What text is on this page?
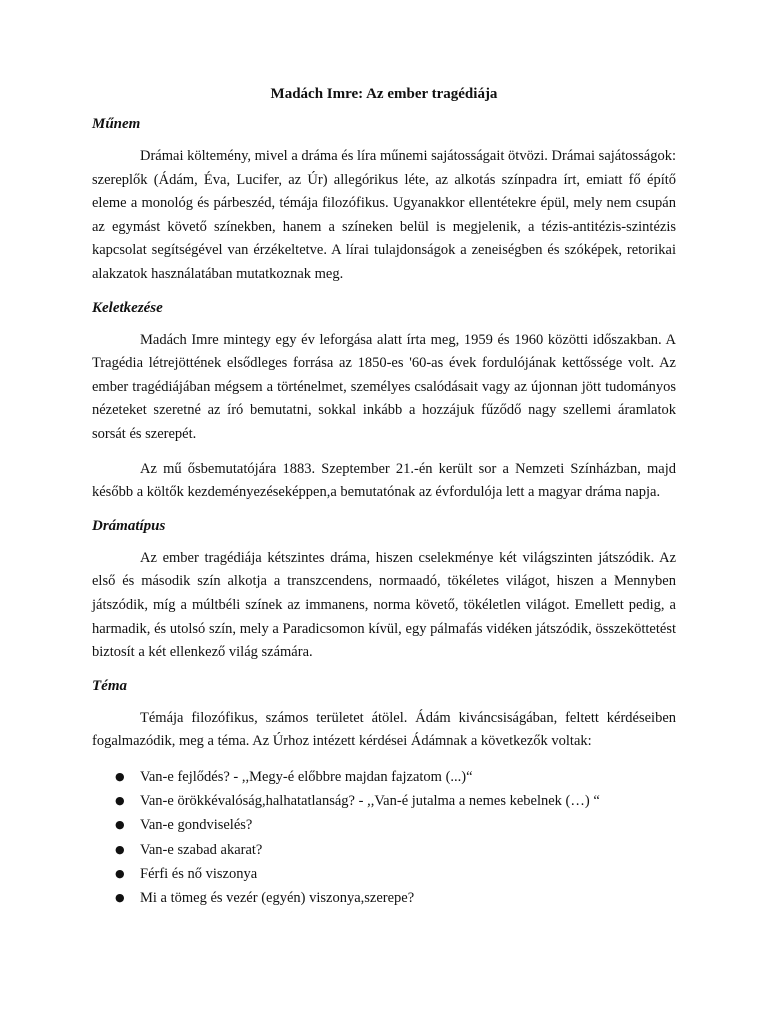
Madách Imre: Az ember tragédiája
Műnem

Drámai költemény, mivel a dráma és líra műnemi sajátosságait ötvözi. Drámai sajátosságok: szereplők (Ádám, Éva, Lucifer, az Úr) allegórikus léte, az alkotás színpadra írt, emiatt fő építő eleme a monológ és párbeszéd, témája filozófikus. Ugyanakkor ellentétekre épül, mely nem csupán az egymást követő színekben, hanem a színeken belül is megjelenik, a tézis-antitézis-szintézis kapcsolat segítségével van érzékeltetve. A lírai tulajdonságok a zeneiségben és szóképek, retorikai alakzatok használatában mutatkoznak meg.

Keletkezése

Madách Imre mintegy egy év leforgása alatt írta meg, 1959 és 1960 közötti időszakban. A Tragédia létrejöttének elsődleges forrása az 1850-es '60-as évek fordulójának kettőssége volt. Az ember tragédiájában mégsem a történelmet, személyes csalódásait vagy az újonnan jött tudományos nézeteket szeretné az író bemutatni, sokkal inkább a hozzájuk fűződő nagy szellemi áramlatok sorsát és szerepét.

Az mű ősbemutatójára 1883. Szeptember 21.-én került sor a Nemzeti Színházban, majd később a költők kezdeményezéseképpen,a bemutatónak az évfordulója lett a magyar dráma napja.

Drámatípus

Az ember tragédiája kétszintes dráma, hiszen cselekménye két világszinten játszódik. Az első és második szín alkotja a transzcendens, normaadó, tökéletes világot, hiszen a Mennyben játszódik, míg a múltbéli színek az immanens, norma követő, tökéletlen világot. Emellett pedig, a harmadik, és utolsó szín, mely a Paradicsomon kívül, egy pálmafás vidéken játszódik, összeköttetést biztosít a két ellenkező világ számára.

Téma

Témája filozófikus, számos területet átölel. Ádám kiváncsiságában, feltett kérdéseiben fogalmazódik, meg a téma. Az Úrhoz intézett kérdései Ádámnak a következők voltak:

● Van-e fejlődés? - ,,Megy-é előbbre majdan fajzatom (...)“
● Van-e örökkévalóság,halhatatlanság? - ,,Van-é jutalma a nemes kebelnek (…) “
● Van-e gondviselés?
● Van-e szabad akarat?
● Férfi és nő viszonya
● Mi a tömeg és vezér (egyén) viszonya,szerepe?
